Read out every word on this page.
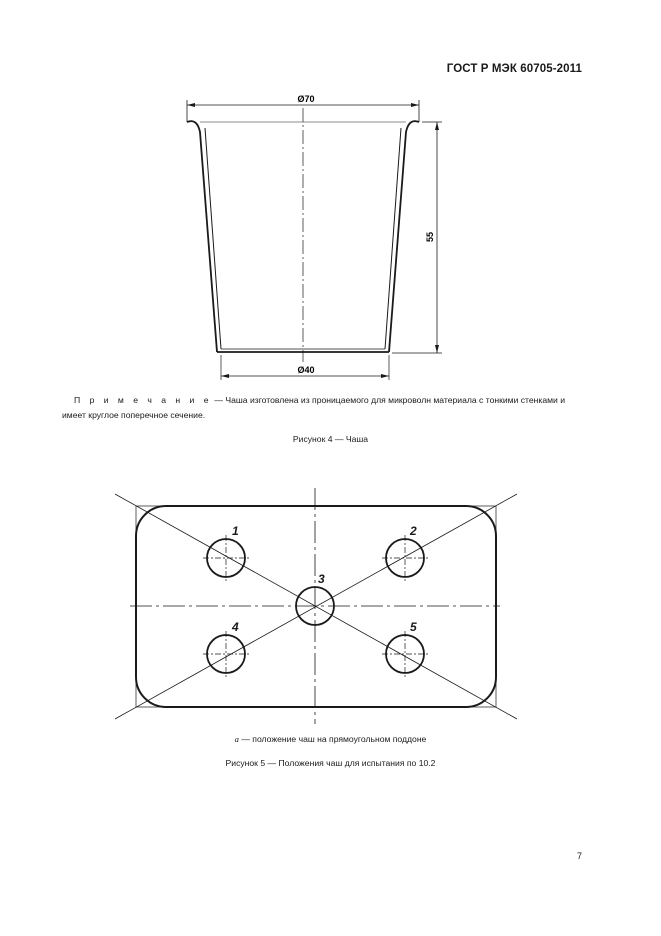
ГОСТ Р МЭК 60705-2011
Ø70
Ø40
55
П р и м е ч а н и е — Чаша изготовлена из проницаемого для микроволн материала с тонкими стенками и
имеет круглое поперечное сечение.
Рисунок 4 — Чаша
1	2
3
4	5
a — положение чаш на прямоугольном поддоне
Рисунок 5 — Положения чаш для испытания по 10.2
7
